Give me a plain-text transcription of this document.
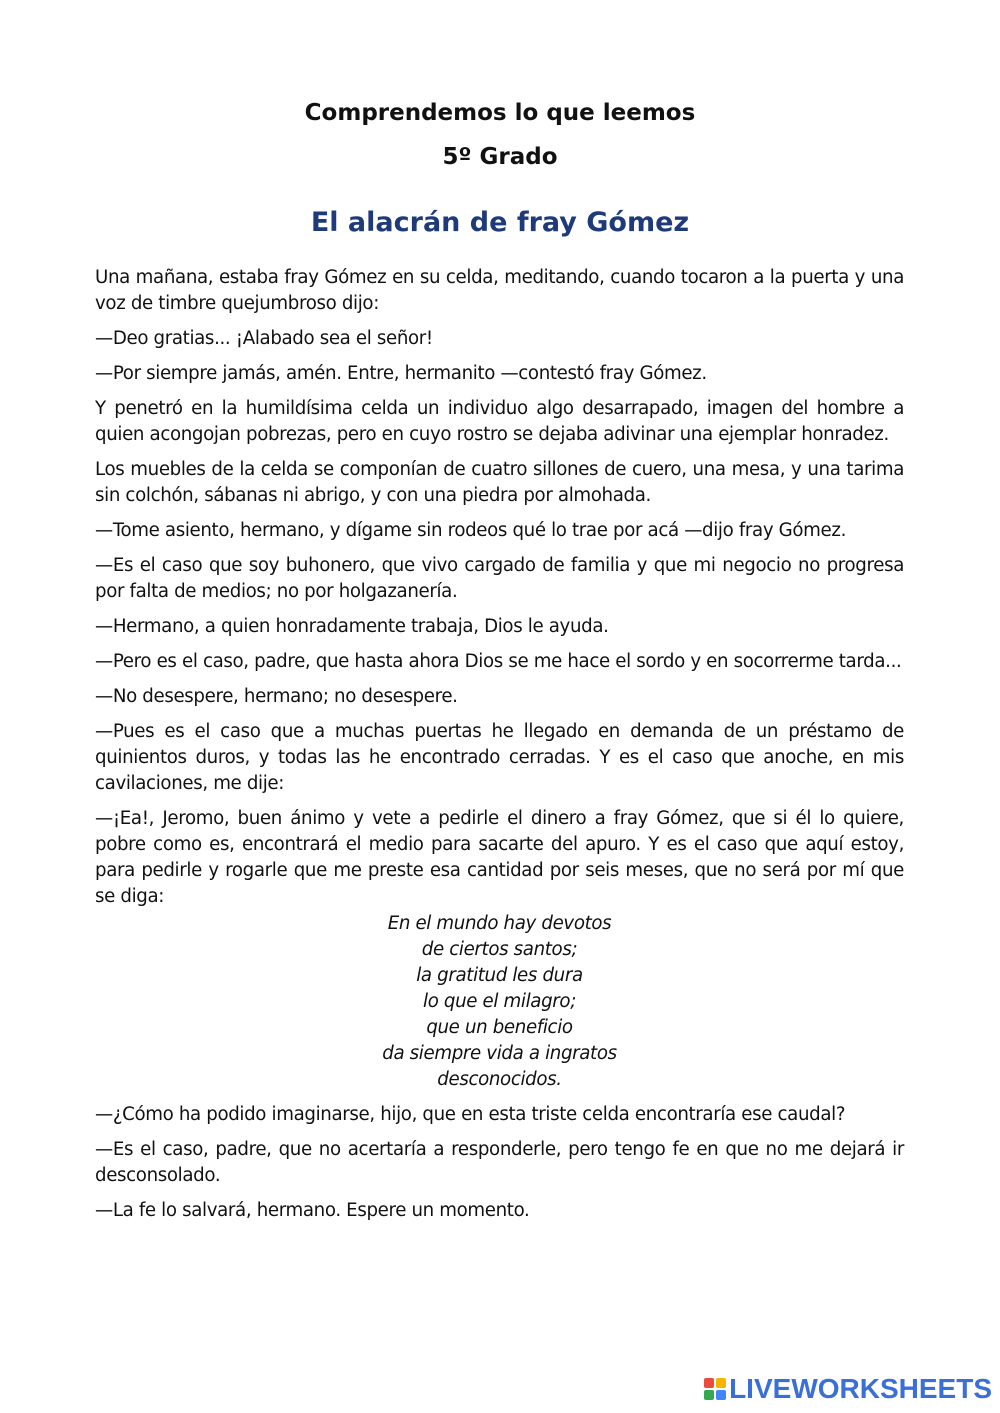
Comprendemos lo que leemos
5º Grado
El alacrán de fray Gómez

Una mañana, estaba fray Gómez en su celda, meditando, cuando tocaron a la puerta y una voz de timbre quejumbroso dijo:

—Deo gratias... ¡Alabado sea el señor!

—Por siempre jamás, amén. Entre, hermanito —contestó fray Gómez.

Y penetró en la humildísima celda un individuo algo desarrapado, imagen del hombre a quien acongojan pobrezas, pero en cuyo rostro se dejaba adivinar una ejemplar honradez.

Los muebles de la celda se componían de cuatro sillones de cuero, una mesa, y una tarima sin colchón, sábanas ni abrigo, y con una piedra por almohada.

—Tome asiento, hermano, y dígame sin rodeos qué lo trae por acá —dijo fray Gómez.

—Es el caso que soy buhonero, que vivo cargado de familia y que mi negocio no progresa por falta de medios; no por holgazanería.

—Hermano, a quien honradamente trabaja, Dios le ayuda.

—Pero es el caso, padre, que hasta ahora Dios se me hace el sordo y en socorrerme tarda...

—No desespere, hermano; no desespere.

—Pues es el caso que a muchas puertas he llegado en demanda de un préstamo de quinientos duros, y todas las he encontrado cerradas. Y es el caso que anoche, en mis cavilaciones, me dije:

—¡Ea!, Jeromo, buen ánimo y vete a pedirle el dinero a fray Gómez, que si él lo quiere, pobre como es, encontrará el medio para sacarte del apuro. Y es el caso que aquí estoy, para pedirle y rogarle que me preste esa cantidad por seis meses, que no será por mí que se diga:

En el mundo hay devotos
de ciertos santos;
la gratitud les dura
lo que el milagro;
que un beneficio
da siempre vida a ingratos
desconocidos.

—¿Cómo ha podido imaginarse, hijo, que en esta triste celda encontraría ese caudal?

—Es el caso, padre, que no acertaría a responderle, pero tengo fe en que no me dejará ir desconsolado.

—La fe lo salvará, hermano. Espere un momento.

LIVEWORKSHEETS
